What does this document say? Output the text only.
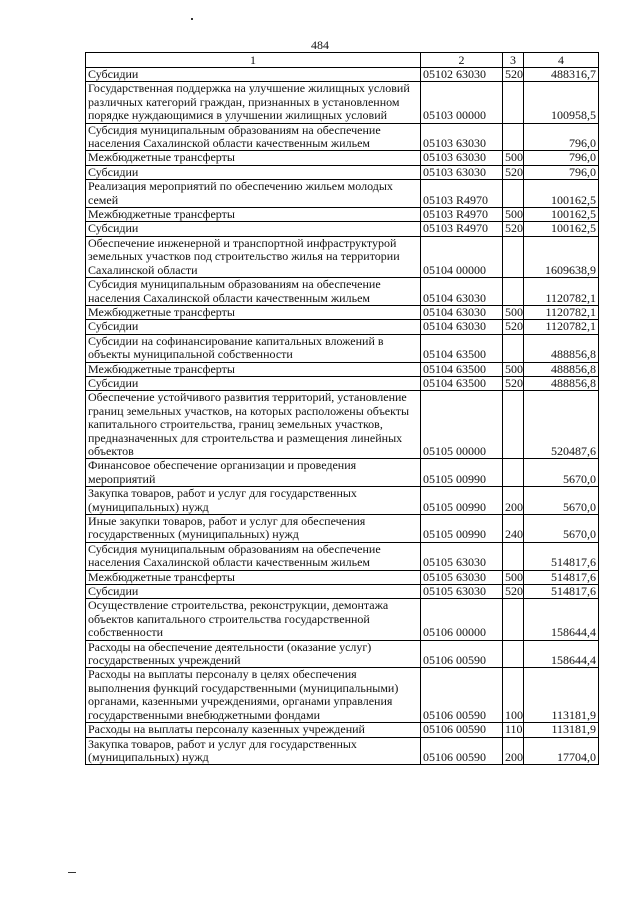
484
1	2	3	4
Субсидии	05102 63030	520	488316,7
Государственная поддержка на улучшение жилищных условий различных категорий граждан, признанных в установленном порядке нуждающимися в улучшении жилищных условий	05103 00000		100958,5
Субсидия муниципальным образованиям на обеспечение населения Сахалинской области качественным жильем	05103 63030		796,0
Межбюджетные трансферты	05103 63030	500	796,0
Субсидии	05103 63030	520	796,0
Реализация мероприятий по обеспечению жильем молодых семей	05103 R4970		100162,5
Межбюджетные трансферты	05103 R4970	500	100162,5
Субсидии	05103 R4970	520	100162,5
Обеспечение инженерной и транспортной инфраструктурой земельных участков под строительство жилья на территории Сахалинской области	05104 00000		1609638,9
Субсидия муниципальным образованиям на обеспечение населения Сахалинской области качественным жильем	05104 63030		1120782,1
Межбюджетные трансферты	05104 63030	500	1120782,1
Субсидии	05104 63030	520	1120782,1
Субсидии на софинансирование капитальных вложений в объекты муниципальной собственности	05104 63500		488856,8
Межбюджетные трансферты	05104 63500	500	488856,8
Субсидии	05104 63500	520	488856,8
Обеспечение устойчивого развития территорий, установление границ земельных участков, на которых расположены объекты капитального строительства, границ земельных участков, предназначенных для строительства и размещения линейных объектов	05105 00000		520487,6
Финансовое обеспечение организации и проведения мероприятий	05105 00990		5670,0
Закупка товаров, работ и услуг для государственных (муниципальных) нужд	05105 00990	200	5670,0
Иные закупки товаров, работ и услуг для обеспечения государственных (муниципальных) нужд	05105 00990	240	5670,0
Субсидия муниципальным образованиям на обеспечение населения Сахалинской области качественным жильем	05105 63030		514817,6
Межбюджетные трансферты	05105 63030	500	514817,6
Субсидии	05105 63030	520	514817,6
Осуществление строительства, реконструкции, демонтажа объектов капитального строительства государственной собственности	05106 00000		158644,4
Расходы на обеспечение деятельности (оказание услуг) государственных учреждений	05106 00590		158644,4
Расходы на выплаты персоналу в целях обеспечения выполнения функций государственными (муниципальными) органами, казенными учреждениями, органами управления государственными внебюджетными фондами	05106 00590	100	113181,9
Расходы на выплаты персоналу казенных учреждений	05106 00590	110	113181,9
Закупка товаров, работ и услуг для государственных (муниципальных) нужд	05106 00590	200	17704,0
